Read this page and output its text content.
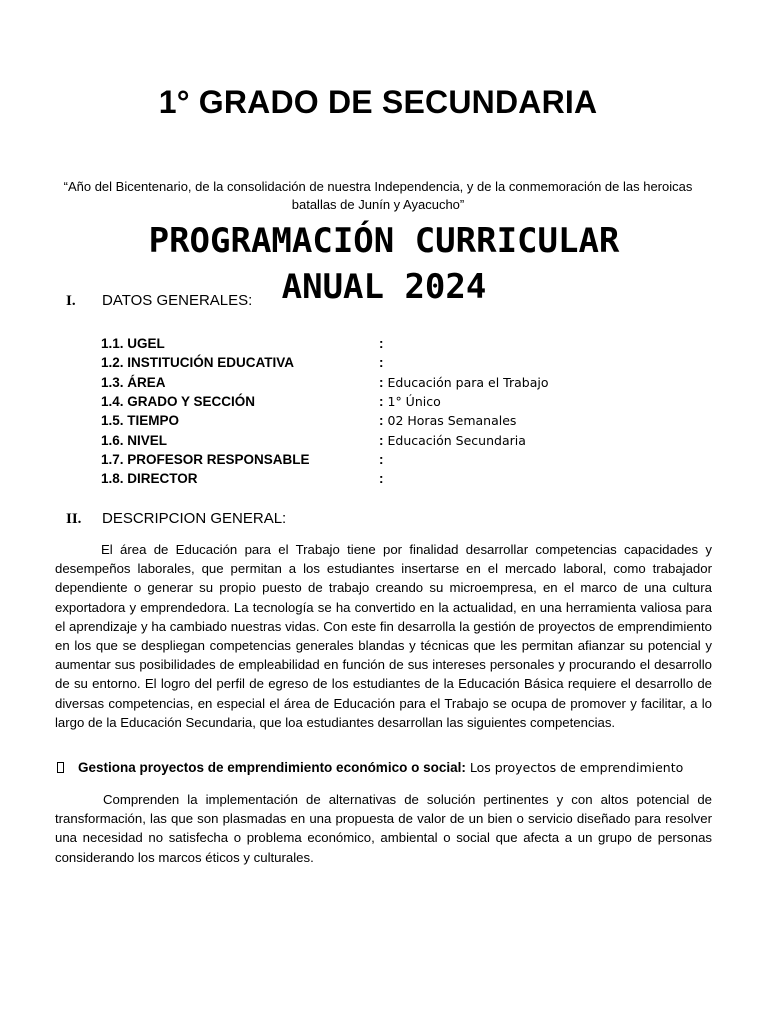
1° GRADO DE SECUNDARIA
“Año del Bicentenario, de la consolidación de nuestra Independencia, y de la conmemoración de las heroicas batallas de Junín y Ayacucho”
PROGRAMACIÓN CURRICULAR
ANUAL 2024
I. DATOS GENERALES:
1.1. UGEL	:
1.2. INSTITUCIÓN EDUCATIVA	:
1.3. ÁREA	: Educación para el Trabajo
1.4. GRADO Y SECCIÓN	: 1° Único
1.5. TIEMPO	: 02 Horas Semanales
1.6. NIVEL	: Educación Secundaria
1.7. PROFESOR RESPONSABLE	:
1.8. DIRECTOR	:
II. DESCRIPCION GENERAL:

El área de Educación para el Trabajo tiene por finalidad desarrollar competencias capacidades y desempeños laborales, que permitan a los estudiantes insertarse en el mercado laboral, como trabajador dependiente o generar su propio puesto de trabajo creando su microempresa, en el marco de una cultura exportadora y emprendedora. La tecnología se ha convertido en la actualidad, en una herramienta valiosa para el aprendizaje y ha cambiado nuestras vidas. Con este fin desarrolla la gestión de proyectos de emprendimiento en los que se despliegan competencias generales blandas y técnicas que les permitan afianzar su potencial y aumentar sus posibilidades de empleabilidad en función de sus intereses personales y procurando el desarrollo de su entorno. El logro del perfil de egreso de los estudiantes de la Educación Básica requiere el desarrollo de diversas competencias, en especial el área de Educación para el Trabajo se ocupa de promover y facilitar, a lo largo de la Educación Secundaria, que loa estudiantes desarrollan las siguientes competencias.

Gestiona proyectos de emprendimiento económico o social: Los proyectos de emprendimiento

Comprenden la implementación de alternativas de solución pertinentes y con altos potencial de transformación, las que son plasmadas en una propuesta de valor de un bien o servicio diseñado para resolver una necesidad no satisfecha o problema económico, ambiental o social que afecta a un grupo de personas considerando los marcos éticos y culturales.
